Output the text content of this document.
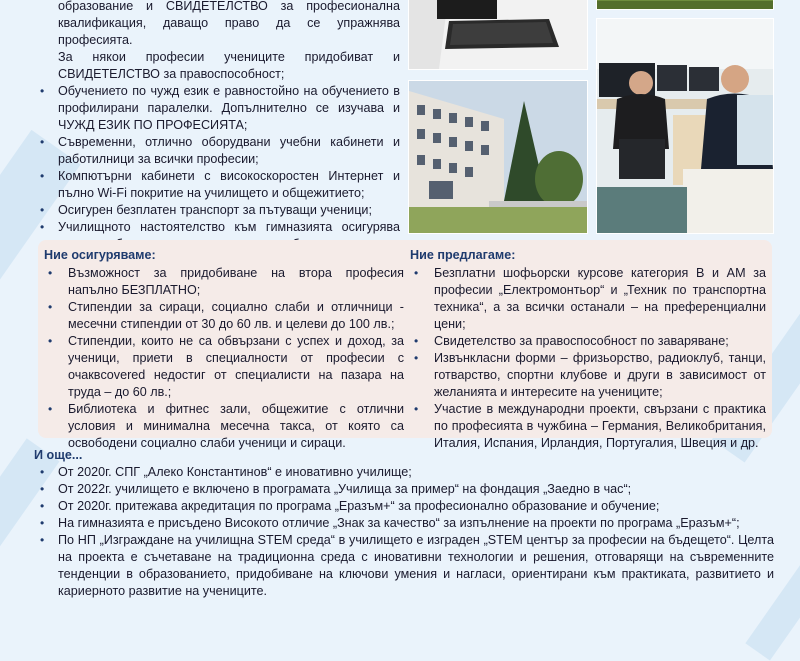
образование и СВИДЕТЕЛСТВО за професионална квалификация, даващо право да се упражнява професията.
За някои професии учениците придобиват и СВИДЕТЕЛСТВО за правоспособност;
• Обучението по чужд език е равностойно на обучението в профилирани паралелки. Допълнително се изучава и ЧУЖД ЕЗИК ПО ПРОФЕСИЯТА;
• Съвременни, отлично оборудвани учебни кабинети и работилници за всички професии;
• Компютърни кабинети с високоскоростен Интернет и пълно Wi-Fi покритие на училището и общежитието;
• Осигурен безплатен транспорт за пътуващи ученици;
• Училищното настоятелство към гимназията осигурява
Ние осигуряваме:
• Възможност за придобиване на втора професия напълно БЕЗПЛАТНО;
• Стипендии за сираци, социално слаби и отличници - месечни стипендии от 30 до 60 лв. и целеви до 100 лв.;
• Стипендии, които не са обвързани с успех и доход, за ученици, приети в специалности от професии с очаквcovered недостиг от специалисти на пазара на труда – до 60 лв.;
• Библиотека и фитнес зали, общежитие с отлични условия и минимална месечна такса, от която са освободени социално слаби ученици и сираци.
Ние предлагаме:
• Безплатни шофьорски курсове категория В и АМ за професии „Електромонтьор“ и „Техник по транспортна техника“, а за всички останали – на преференциални цени;
• Свидетелство за правоспособност по заваряване;
• Извънкласни форми – фризьорство, радиоклуб, танци, готварство, спортни клубове и други в зависимост от желанията и интересите на учениците;
• Участие в международни проекти, свързани с практика по професията в чужбина – Германия, Великобритания, Италия, Испания, Ирландия, Португалия, Швеция и др.
И още...
• От 2020г. СПГ „Алеко Константинов“ е иновативно училище;
• От 2022г. училището е включено в програмата „Училища за пример“ на фондация „Заедно в час“;
• От 2020г. притежава акредитация по програма „Еразъм+“ за професионално образование и обучение;
• На гимназията е присъдено Високото отличие „Знак за качество“ за изпълнение на проекти по програма „Еразъм+“;
• По НП „Изграждане на училищна STEM среда“ в училището е изграден „STEM център за професии на бъдещето“. Целта на проекта е съчетаване на традиционна среда с иновативни технологии и решения, отговарящи на съвременните тенденции в образованието, придобиване на ключови умения и нагласи, ориентирани към практиката, развитието и кариерното развитие на учениците.
